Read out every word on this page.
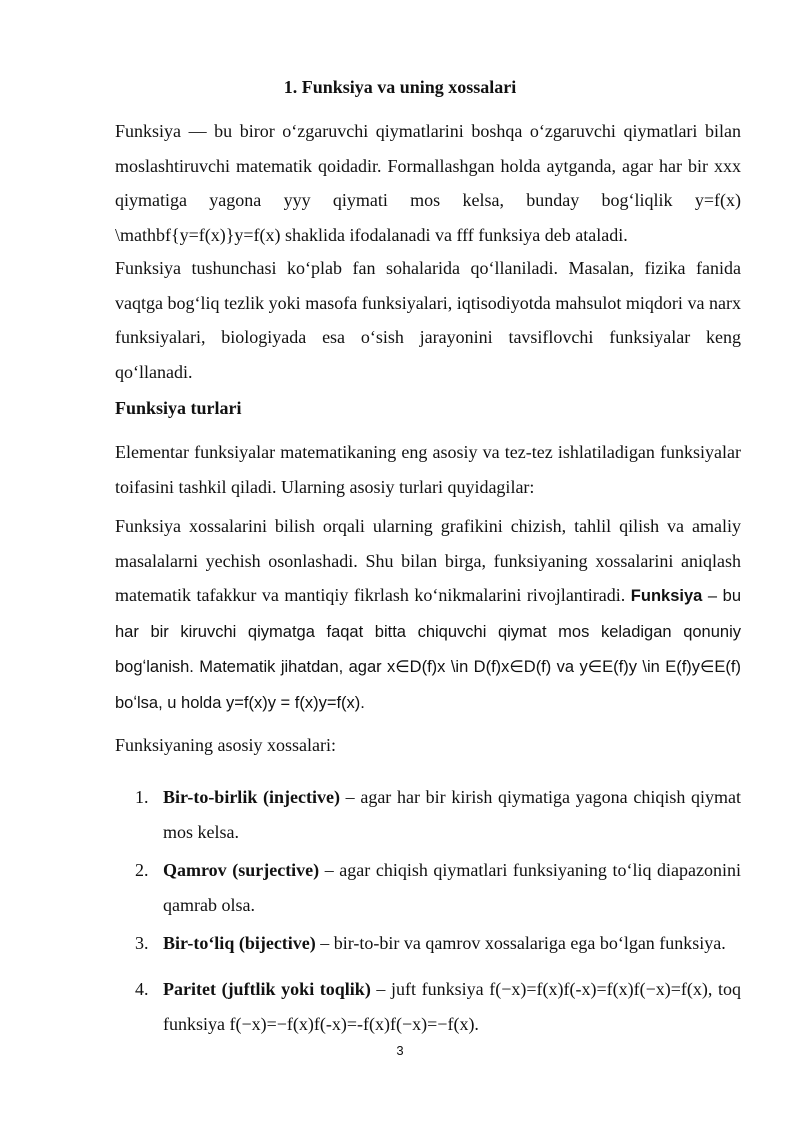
1. Funksiya va uning xossalari

Funksiya — bu biror oʻzgaruvchi qiymatlarini boshqa oʻzgaruvchi qiymatlari bilan moslashtiruvchi matematik qoidadir. Formallashgan holda aytganda, agar har bir xxx qiymatiga yagona yyy qiymati mos kelsa, bunday bogʻliqlik y=f(x) \mathbf{y=f(x)}y=f(x) shaklida ifodalanadi va fff funksiya deb ataladi.

Funksiya tushunchasi koʻplab fan sohalarida qoʻllaniladi. Masalan, fizika fanida vaqtga bogʻliq tezlik yoki masofa funksiyalari, iqtisodiyotda mahsulot miqdori va narx funksiyalari, biologiyada esa oʻsish jarayonini tavsiflovchi funksiyalar keng qoʻllanadi.

Funksiya turlari

Elementar funksiyalar matematikaning eng asosiy va tez-tez ishlatiladigan funksiyalar toifasini tashkil qiladi. Ularning asosiy turlari quyidagilar:

Funksiya xossalarini bilish orqali ularning grafikini chizish, tahlil qilish va amaliy masalalarni yechish osonlashadi. Shu bilan birga, funksiyaning xossalarini aniqlash matematik tafakkur va mantiqiy fikrlash koʻnikmalarini rivojlantiradi. Funksiya – bu har bir kiruvchi qiymatga faqat bitta chiquvchi qiymat mos keladigan qonuniy bogʻlanish. Matematik jihatdan, agar x∈D(f)x \in D(f)x∈D(f) va y∈E(f)y \in E(f)y∈E(f) boʻlsa, u holda y=f(x)y = f(x)y=f(x).

Funksiyaning asosiy xossalari:

1. Bir-to-birlik (injective) – agar har bir kirish qiymatiga yagona chiqish qiymat mos kelsa.
2. Qamrov (surjective) – agar chiqish qiymatlari funksiyaning toʻliq diapazonini qamrab olsa.
3. Bir-toʻliq (bijective) – bir-to-bir va qamrov xossalariga ega boʻlgan funksiya.
4. Paritet (juftlik yoki toqlik) – juft funksiya f(−x)=f(x)f(-x)=f(x)f(−x)=f(x), toq funksiya f(−x)=−f(x)f(-x)=-f(x)f(−x)=−f(x).
3
